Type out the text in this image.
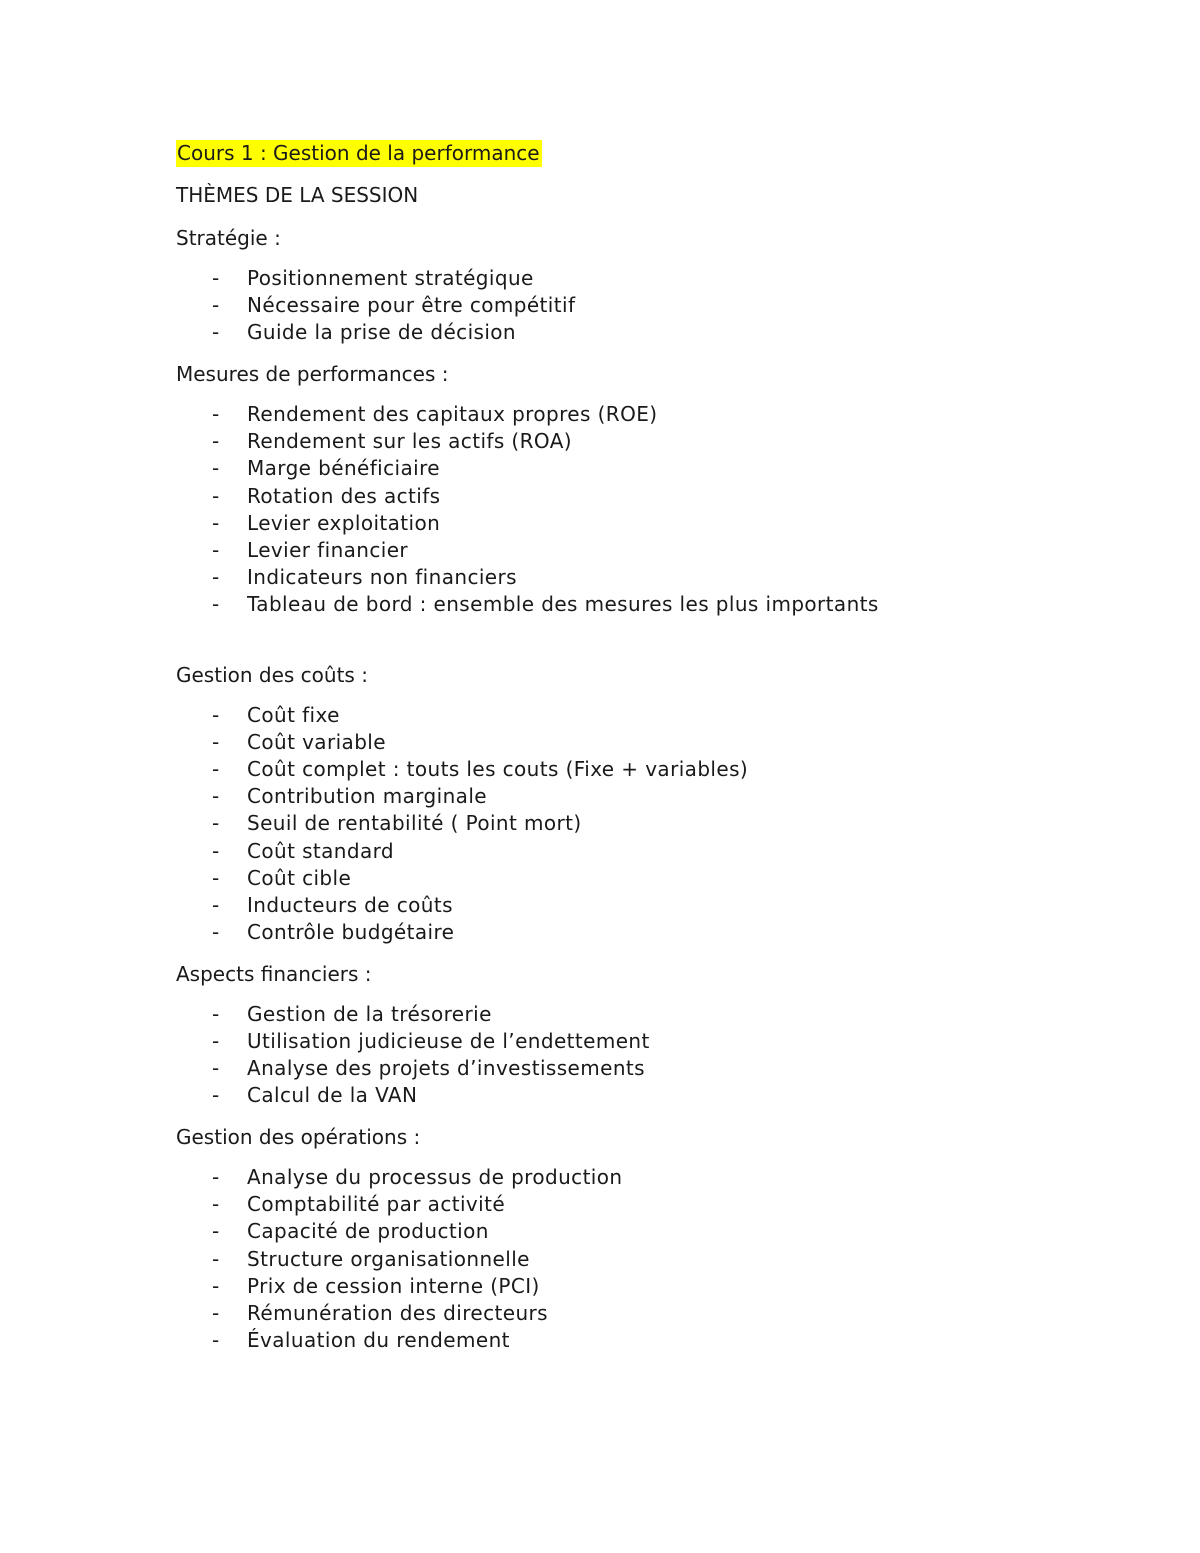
Cours 1 : Gestion de la performance

THÈMES DE LA SESSION

Stratégie :

- Positionnement stratégique
- Nécessaire pour être compétitif
- Guide la prise de décision

Mesures de performances :

- Rendement des capitaux propres (ROE)
- Rendement sur les actifs (ROA)
- Marge bénéficiaire
- Rotation des actifs
- Levier exploitation
- Levier financier
- Indicateurs non financiers
- Tableau de bord : ensemble des mesures les plus importants

Gestion des coûts :

- Coût fixe
- Coût variable
- Coût complet : touts les couts (Fixe + variables)
- Contribution marginale
- Seuil de rentabilité ( Point mort)
- Coût standard
- Coût cible
- Inducteurs de coûts
- Contrôle budgétaire

Aspects financiers :

- Gestion de la trésorerie
- Utilisation judicieuse de l’endettement
- Analyse des projets d’investissements
- Calcul de la VAN

Gestion des opérations :

- Analyse du processus de production
- Comptabilité par activité
- Capacité de production
- Structure organisationnelle
- Prix de cession interne (PCI)
- Rémunération des directeurs
- Évaluation du rendement
